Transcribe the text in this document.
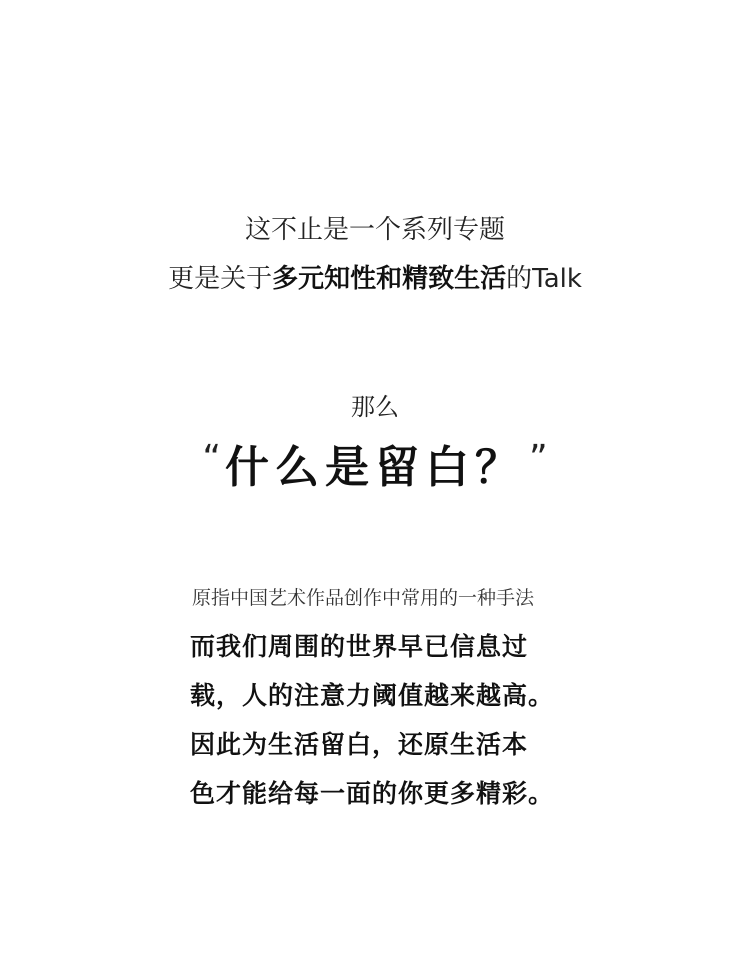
这不止是一个系列专题
更是关于多元知性和精致生活的Talk
那么
“什么是留白？ ”
原指中国艺术作品创作中常用的一种手法
而我们周围的世界早已信息过
载，人的注意力阈值越来越高。
因此为生活留白，还原生活本
色才能给每一面的你更多精彩。
